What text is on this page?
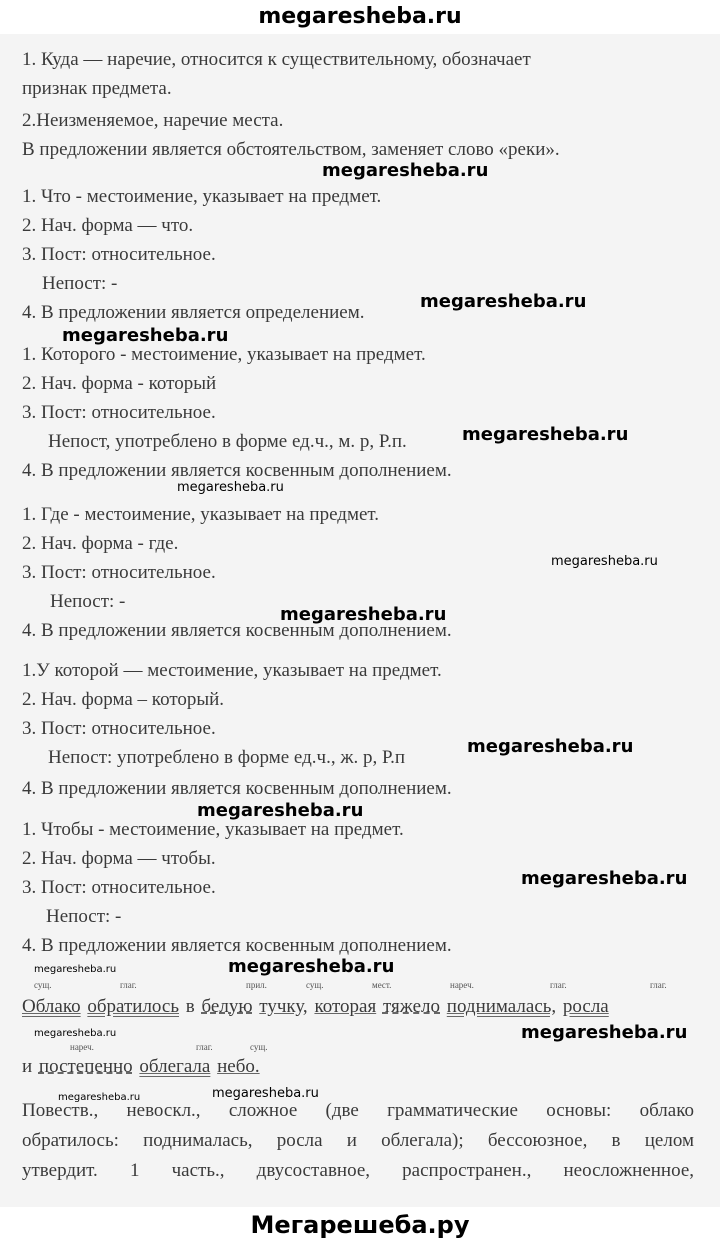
megaresheba.ru
1. Куда — наречие, относится к существительному, обозначает
признак предмета.
2.Неизменяемое, наречие места.
В предложении является обстоятельством, заменяет слово «реки».
megaresheba.ru
1. Что - местоимение, указывает на предмет.
2. Нач. форма — что.
3. Пост: относительное.
Непост: -
megaresheba.ru
4. В предложении является определением.
megaresheba.ru
1. Которого - местоимение, указывает на предмет.
2. Нач. форма - который
3. Пост: относительное.
megaresheba.ru
Непост, употреблено в форме ед.ч., м. р, Р.п.
4. В предложении является косвенным дополнением.
megaresheba.ru
1. Где - местоимение, указывает на предмет.
2. Нач. форма - где.
megaresheba.ru
3. Пост: относительное.
Непост: -
megaresheba.ru
4. В предложении является косвенным дополнением.
1.У которой — местоимение, указывает на предмет.
2. Нач. форма – который.
3. Пост: относительное.
megaresheba.ru
Непост: употреблено в форме ед.ч., ж. р, Р.п
4. В предложении является косвенным дополнением.
megaresheba.ru
1. Чтобы - местоимение, указывает на предмет.
2. Нач. форма — чтобы.
megaresheba.ru
3. Пост: относительное.
Непост: -
4. В предложении является косвенным дополнением.
megaresheba.ru	megaresheba.ru
сущ.	глаг.	прил.	сущ.	мест.	нареч.	глаг.	глаг.
Облако обратилось в белую тучку, которая тяжело поднималась, росла
megaresheba.ru	megaresheba.ru
нареч.	глаг.	сущ.
и постепенно облегала небо.
megaresheba.ru	megaresheba.ru
Повеств., невоскл., сложное (две грамматические основы: облако
обратилось: поднималась, росла и облегала); бессоюзное, в целом
утвердит. 1 часть., двусоставное, распространен., неосложненное,
Мегарешеба.ру
